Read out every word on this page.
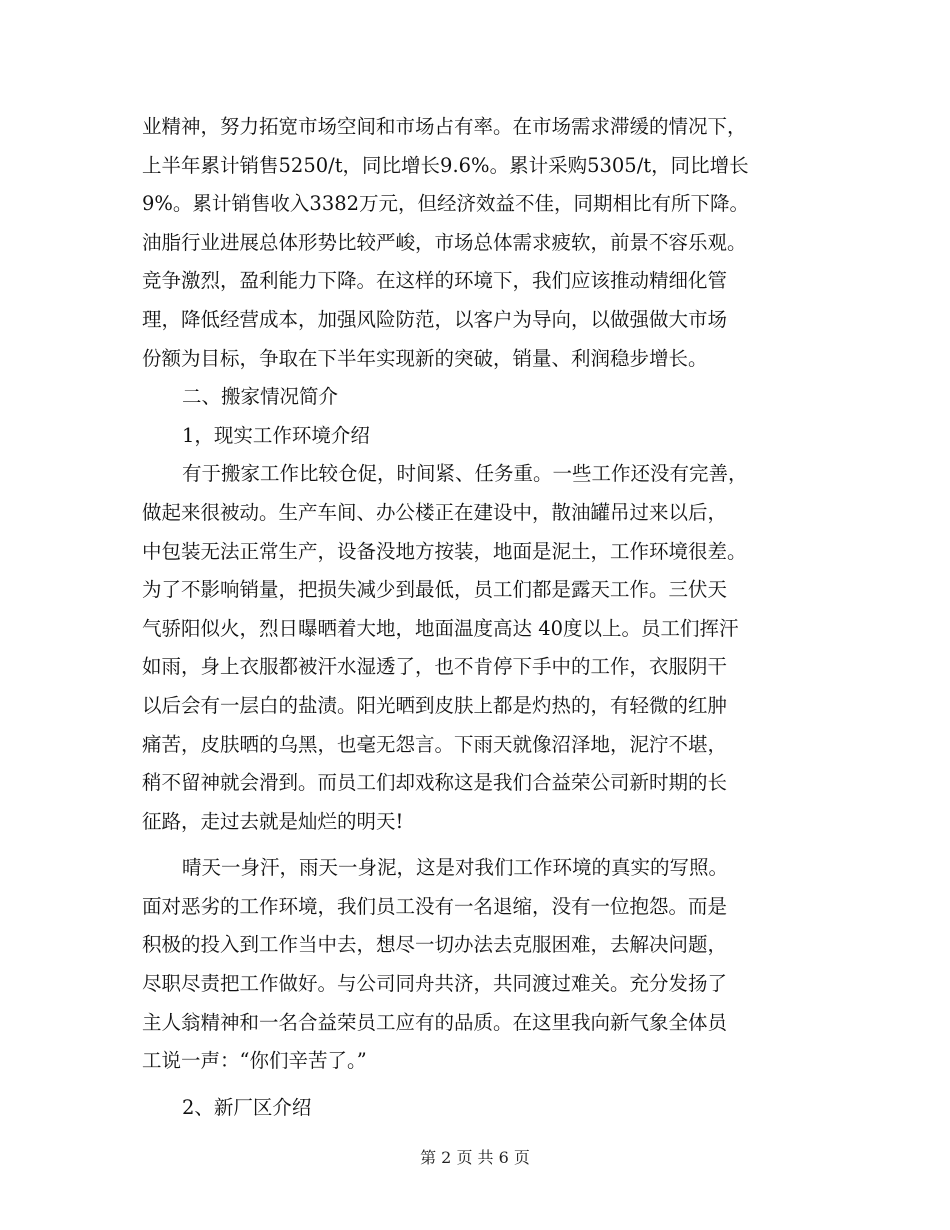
业精神，努力拓宽市场空间和市场占有率。在市场需求滞缓的情况下，
上半年累计销售5250/t，同比增长9.6%。累计采购5305/t，同比增长
9%。累计销售收入3382万元，但经济效益不佳，同期相比有所下降。
油脂行业进展总体形势比较严峻，市场总体需求疲软，前景不容乐观。
竞争激烈，盈利能力下降。在这样的环境下，我们应该推动精细化管
理，降低经营成本，加强风险防范，以客户为导向，以做强做大市场
份额为目标，争取在下半年实现新的突破，销量、利润稳步增长。
二、搬家情况简介
1，现实工作环境介绍
有于搬家工作比较仓促，时间紧、任务重。一些工作还没有完善，
做起来很被动。生产车间、办公楼正在建设中，散油罐吊过来以后，
中包装无法正常生产，设备没地方按装，地面是泥土，工作环境很差。
为了不影响销量，把损失减少到最低，员工们都是露天工作。三伏天
气骄阳似火，烈日曝晒着大地，地面温度高达 40度以上。员工们挥汗
如雨，身上衣服都被汗水湿透了，也不肯停下手中的工作，衣服阴干
以后会有一层白的盐渍。阳光晒到皮肤上都是灼热的，有轻微的红肿
痛苦，皮肤晒的乌黑，也毫无怨言。下雨天就像沼泽地，泥泞不堪，
稍不留神就会滑到。而员工们却戏称这是我们合益荣公司新时期的长
征路，走过去就是灿烂的明天!
晴天一身汗，雨天一身泥，这是对我们工作环境的真实的写照。
面对恶劣的工作环境，我们员工没有一名退缩，没有一位抱怨。而是
积极的投入到工作当中去，想尽一切办法去克服困难，去解决问题，
尽职尽责把工作做好。与公司同舟共济，共同渡过难关。充分发扬了
主人翁精神和一名合益荣员工应有的品质。在这里我向新气象全体员
工说一声：“你们辛苦了。”
2、新厂区介绍
第 2 页 共 6 页
